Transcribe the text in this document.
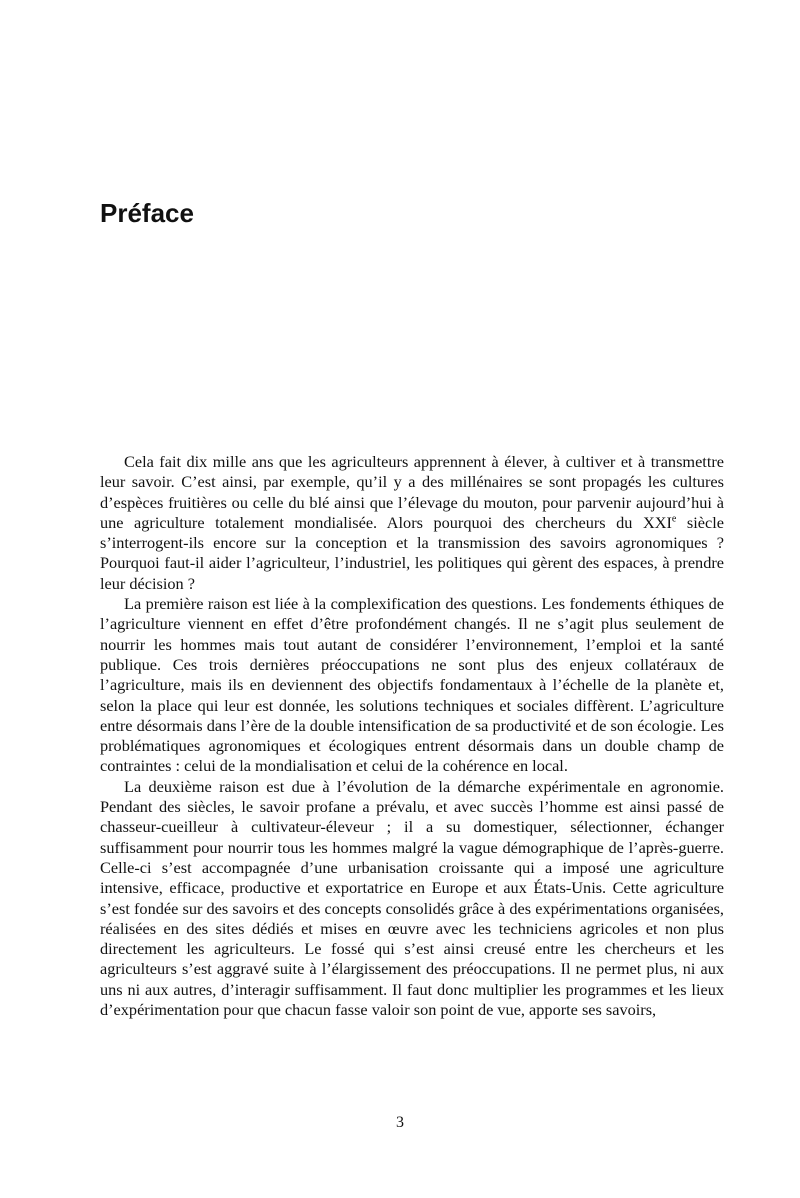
Préface

Cela fait dix mille ans que les agriculteurs apprennent à élever, à cultiver et à transmettre leur savoir. C’est ainsi, par exemple, qu’il y a des millénaires se sont propagés les cultures d’espèces fruitières ou celle du blé ainsi que l’élevage du mouton, pour parvenir aujourd’hui à une agriculture totalement mondialisée. Alors pourquoi des chercheurs du XXIe siècle s’interrogent-ils encore sur la conception et la transmission des savoirs agronomiques ? Pourquoi faut-il aider l’agriculteur, l’industriel, les politiques qui gèrent des espaces, à prendre leur décision ?

La première raison est liée à la complexification des questions. Les fondements éthiques de l’agriculture viennent en effet d’être profondément changés. Il ne s’agit plus seulement de nourrir les hommes mais tout autant de considérer l’environnement, l’emploi et la santé publique. Ces trois dernières préoccupations ne sont plus des enjeux collatéraux de l’agriculture, mais ils en deviennent des objectifs fondamentaux à l’échelle de la planète et, selon la place qui leur est donnée, les solutions techniques et sociales diffèrent. L’agriculture entre désormais dans l’ère de la double intensification de sa productivité et de son écologie. Les problématiques agronomiques et écologiques entrent désormais dans un double champ de contraintes : celui de la mondialisation et celui de la cohérence en local.

La deuxième raison est due à l’évolution de la démarche expérimentale en agronomie. Pendant des siècles, le savoir profane a prévalu, et avec succès l’homme est ainsi passé de chasseur-cueilleur à cultivateur-éleveur ; il a su domestiquer, sélectionner, échanger suffisamment pour nourrir tous les hommes malgré la vague démographique de l’après-guerre. Celle-ci s’est accompagnée d’une urbanisation croissante qui a imposé une agriculture intensive, efficace, productive et exportatrice en Europe et aux États-Unis. Cette agriculture s’est fondée sur des savoirs et des concepts consolidés grâce à des expérimentations organisées, réalisées en des sites dédiés et mises en œuvre avec les techniciens agricoles et non plus directement les agriculteurs. Le fossé qui s’est ainsi creusé entre les chercheurs et les agriculteurs s’est aggravé suite à l’élargissement des préoccupations. Il ne permet plus, ni aux uns ni aux autres, d’interagir suffisamment. Il faut donc multiplier les programmes et les lieux d’expérimentation pour que chacun fasse valoir son point de vue, apporte ses savoirs,

3
